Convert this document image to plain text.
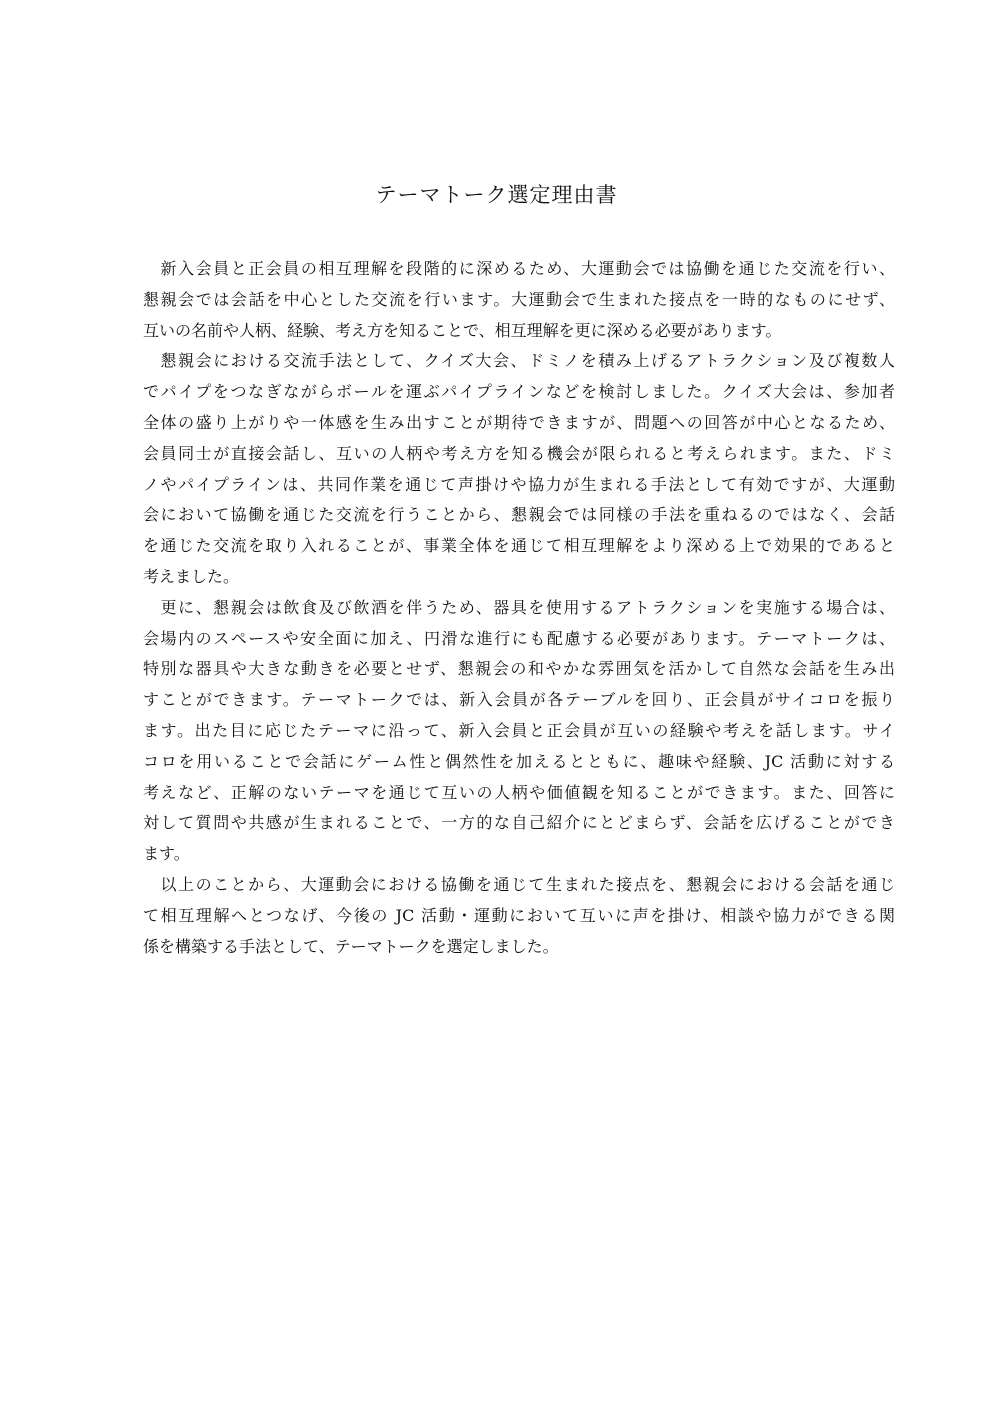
テーマトーク選定理由書
　新入会員と正会員の相互理解を段階的に深めるため、大運動会では協働を通じた交流を行い、
懇親会では会話を中心とした交流を行います。大運動会で生まれた接点を一時的なものにせず、
互いの名前や人柄、経験、考え方を知ることで、相互理解を更に深める必要があります。
　懇親会における交流手法として、クイズ大会、ドミノを積み上げるアトラクション及び複数人
でパイプをつなぎながらボールを運ぶパイプラインなどを検討しました。クイズ大会は、参加者
全体の盛り上がりや一体感を生み出すことが期待できますが、問題への回答が中心となるため、
会員同士が直接会話し、互いの人柄や考え方を知る機会が限られると考えられます。また、ドミ
ノやパイプラインは、共同作業を通じて声掛けや協力が生まれる手法として有効ですが、大運動
会において協働を通じた交流を行うことから、懇親会では同様の手法を重ねるのではなく、会話
を通じた交流を取り入れることが、事業全体を通じて相互理解をより深める上で効果的であると
考えました。
　更に、懇親会は飲食及び飲酒を伴うため、器具を使用するアトラクションを実施する場合は、
会場内のスペースや安全面に加え、円滑な進行にも配慮する必要があります。テーマトークは、
特別な器具や大きな動きを必要とせず、懇親会の和やかな雰囲気を活かして自然な会話を生み出
すことができます。テーマトークでは、新入会員が各テーブルを回り、正会員がサイコロを振り
ます。出た目に応じたテーマに沿って、新入会員と正会員が互いの経験や考えを話します。サイ
コロを用いることで会話にゲーム性と偶然性を加えるとともに、趣味や経験、JC 活動に対する
考えなど、正解のないテーマを通じて互いの人柄や価値観を知ることができます。また、回答に
対して質問や共感が生まれることで、一方的な自己紹介にとどまらず、会話を広げることができ
ます。
　以上のことから、大運動会における協働を通じて生まれた接点を、懇親会における会話を通じ
て相互理解へとつなげ、今後の JC 活動・運動において互いに声を掛け、相談や協力ができる関
係を構築する手法として、テーマトークを選定しました。
